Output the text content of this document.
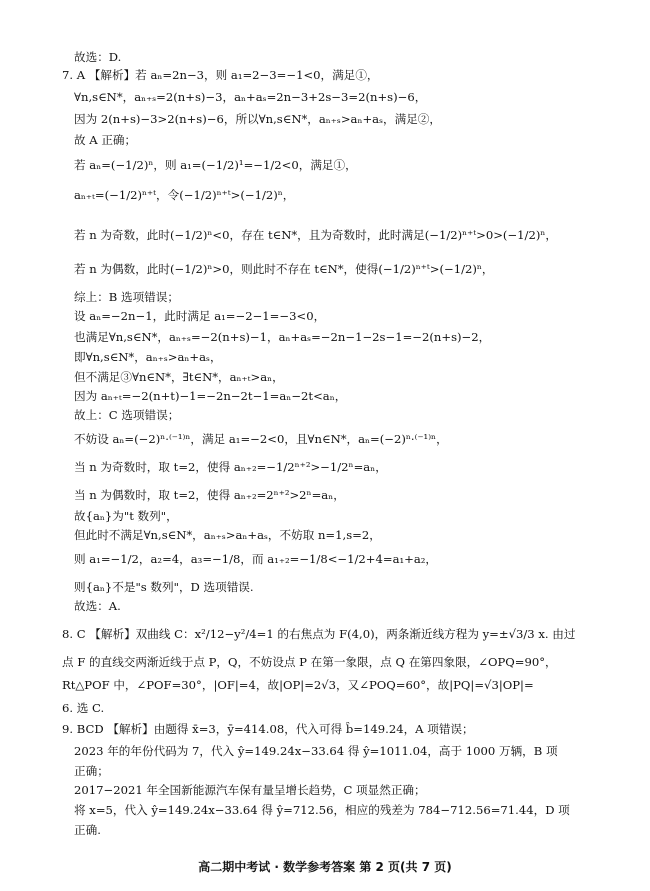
故选：D.
7. A 【解析】若 aₙ=2n−3，则 a₁=2−3=−1<0，满足①，
∀n,s∈N*，aₙ₊ₛ=2(n+s)−3，aₙ+aₛ=2n−3+2s−3=2(n+s)−6，
因为 2(n+s)−3>2(n+s)−6，所以∀n,s∈N*，aₙ₊ₛ>aₙ+aₛ，满足②，
故 A 正确；
若 aₙ=(−1/2)ⁿ，则 a₁=(−1/2)¹=−1/2<0，满足①，
aₙ₊ₜ=(−1/2)ⁿ⁺ᵗ，令(−1/2)ⁿ⁺ᵗ>(−1/2)ⁿ，
若 n 为奇数，此时(−1/2)ⁿ<0，存在 t∈N*，且为奇数时，此时满足(−1/2)ⁿ⁺ᵗ>0>(−1/2)ⁿ，
若 n 为偶数，此时(−1/2)ⁿ>0，则此时不存在 t∈N*，使得(−1/2)ⁿ⁺ᵗ>(−1/2)ⁿ，
综上：B 选项错误；
设 aₙ=−2n−1，此时满足 a₁=−2−1=−3<0，
也满足∀n,s∈N*，aₙ₊ₛ=−2(n+s)−1，aₙ+aₛ=−2n−1−2s−1=−2(n+s)−2，
即∀n,s∈N*，aₙ₊ₛ>aₙ+aₛ，
但不满足③∀n∈N*，∃t∈N*，aₙ₊ₜ>aₙ，
因为 aₙ₊ₜ=−2(n+t)−1=−2n−2t−1=aₙ−2t<aₙ，
故上：C 选项错误；
不妨设 aₙ=(−2)ⁿ·⁽⁻¹⁾ⁿ，满足 a₁=−2<0，且∀n∈N*，aₙ=(−2)ⁿ·⁽⁻¹⁾ⁿ，
当 n 为奇数时，取 t=2，使得 aₙ₊₂=−1/2ⁿ⁺²>−1/2ⁿ=aₙ，
当 n 为偶数时，取 t=2，使得 aₙ₊₂=2ⁿ⁺²>2ⁿ=aₙ，
故{aₙ}为"t 数列"，
但此时不满足∀n,s∈N*，aₙ₊ₛ>aₙ+aₛ，不妨取 n=1,s=2，
则 a₁=−1/2，a₂=4，a₃=−1/8，而 a₁₊₂=−1/8<−1/2+4=a₁+a₂，
则{aₙ}不是"s 数列"，D 选项错误.
故选：A.
8. C 【解析】双曲线 C：x²/12−y²/4=1 的右焦点为 F(4,0)，两条渐近线方程为 y=±√3/3 x. 由过
点 F 的直线交两渐近线于点 P，Q，不妨设点 P 在第一象限，点 Q 在第四象限，∠OPQ=90°，
Rt△POF 中，∠POF=30°，|OF|=4，故|OP|=2√3，又∠POQ=60°，故|PQ|=√3|OP|=
6. 选 C.
9. BCD 【解析】由题得 x̄=3，ȳ=414.08，代入可得 b̂=149.24，A 项错误；
2023 年的年份代码为 7，代入 ŷ=149.24x−33.64 得 ŷ=1011.04，高于 1000 万辆，B 项
正确；
2017−2021 年全国新能源汽车保有量呈增长趋势，C 项显然正确；
将 x=5，代入 ŷ=149.24x−33.64 得 ŷ=712.56，相应的残差为 784−712.56=71.44，D 项
正确.
高二期中考试 · 数学参考答案 第 2 页(共 7 页)
